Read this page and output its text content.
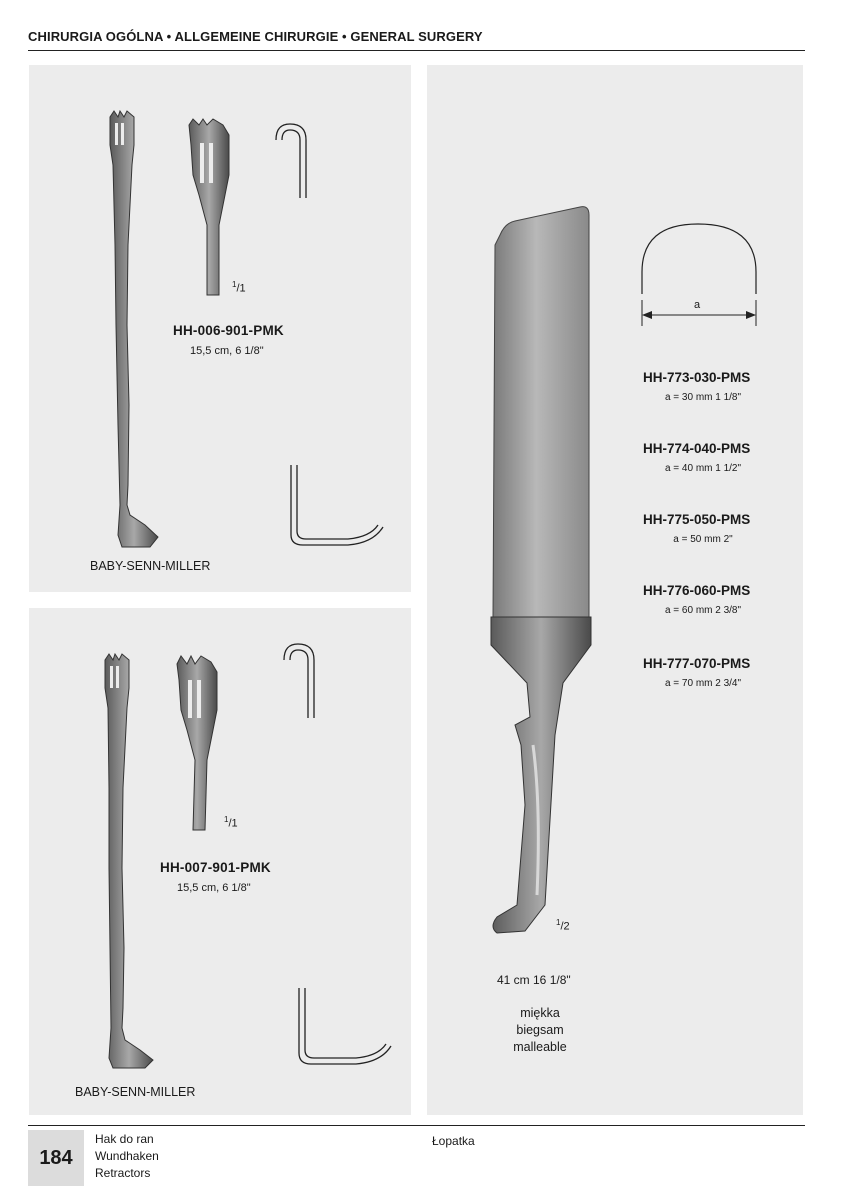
CHIRURGIA OGÓLNA • ALLGEMEINE CHIRURGIE • GENERAL SURGERY
$^1$/1
HH-006-901-PMK
15,5 cm, 6 1/8"
BABY-SENN-MILLER
$^1$/1
HH-007-901-PMK
15,5 cm, 6 1/8"
BABY-SENN-MILLER
$^1$/2
41 cm 16 1/8"
miękka
biegsam
malleable
a
HH-773-030-PMS
a = 30 mm 1 1/8"
HH-774-040-PMS
a = 40 mm 1 1/2"
HH-775-050-PMS
a = 50 mm 2"
HH-776-060-PMS
a = 60 mm 2 3/8"
HH-777-070-PMS
a = 70 mm 2 3/4"
184
Hak do ran
Wundhaken
Retractors
Łopatka
